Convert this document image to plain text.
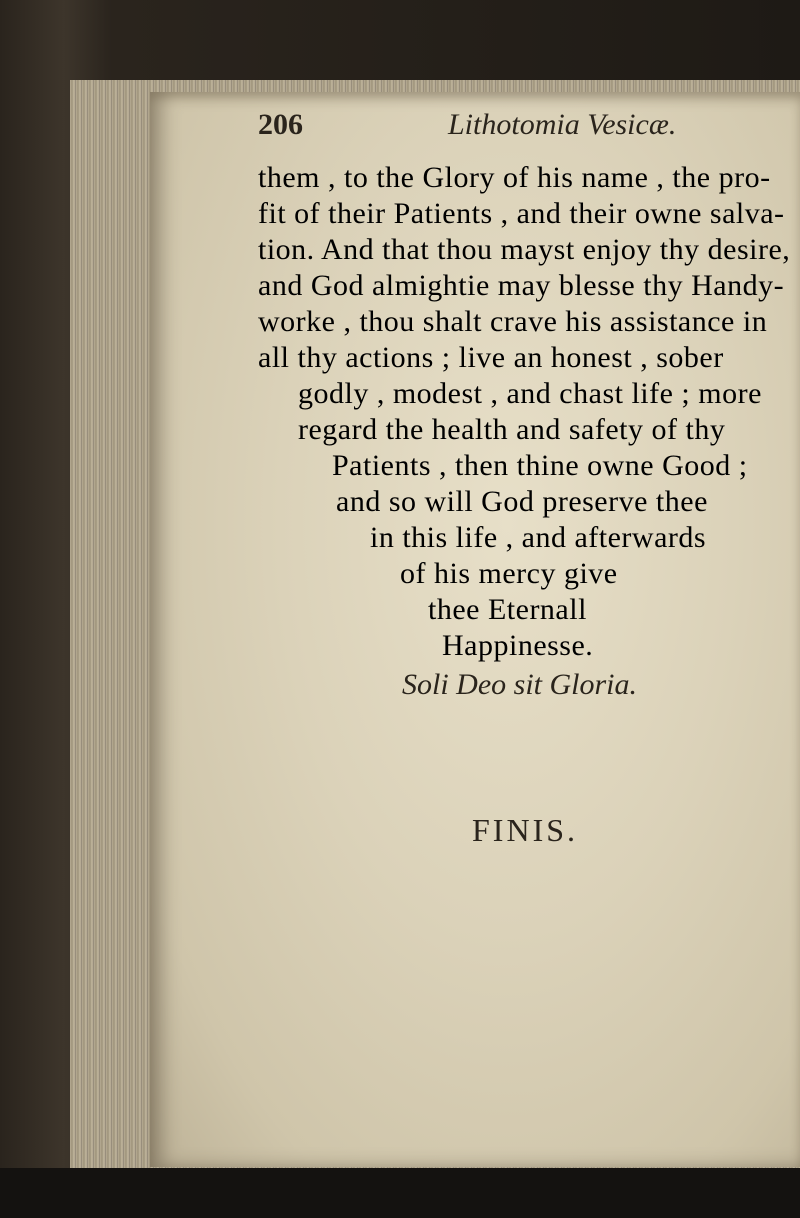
206	Lithotomia Vesicæ.
them , to the Glory of his name , the pro-
fit of their Patients , and their owne salva-
tion. And that thou mayst enjoy thy desire,
and God almightie may blesse thy Handy-
worke , thou shalt crave his assistance in
all thy actions ; live an honest , sober
godly , modest , and chast life ; more
regard the health and safety of thy
Patients , then thine owne Good ;
and so will God preserve thee
in this life , and afterwards
of his mercy give
thee Eternall
Happinesse.
Soli Deo sit Gloria.
FINIS.
